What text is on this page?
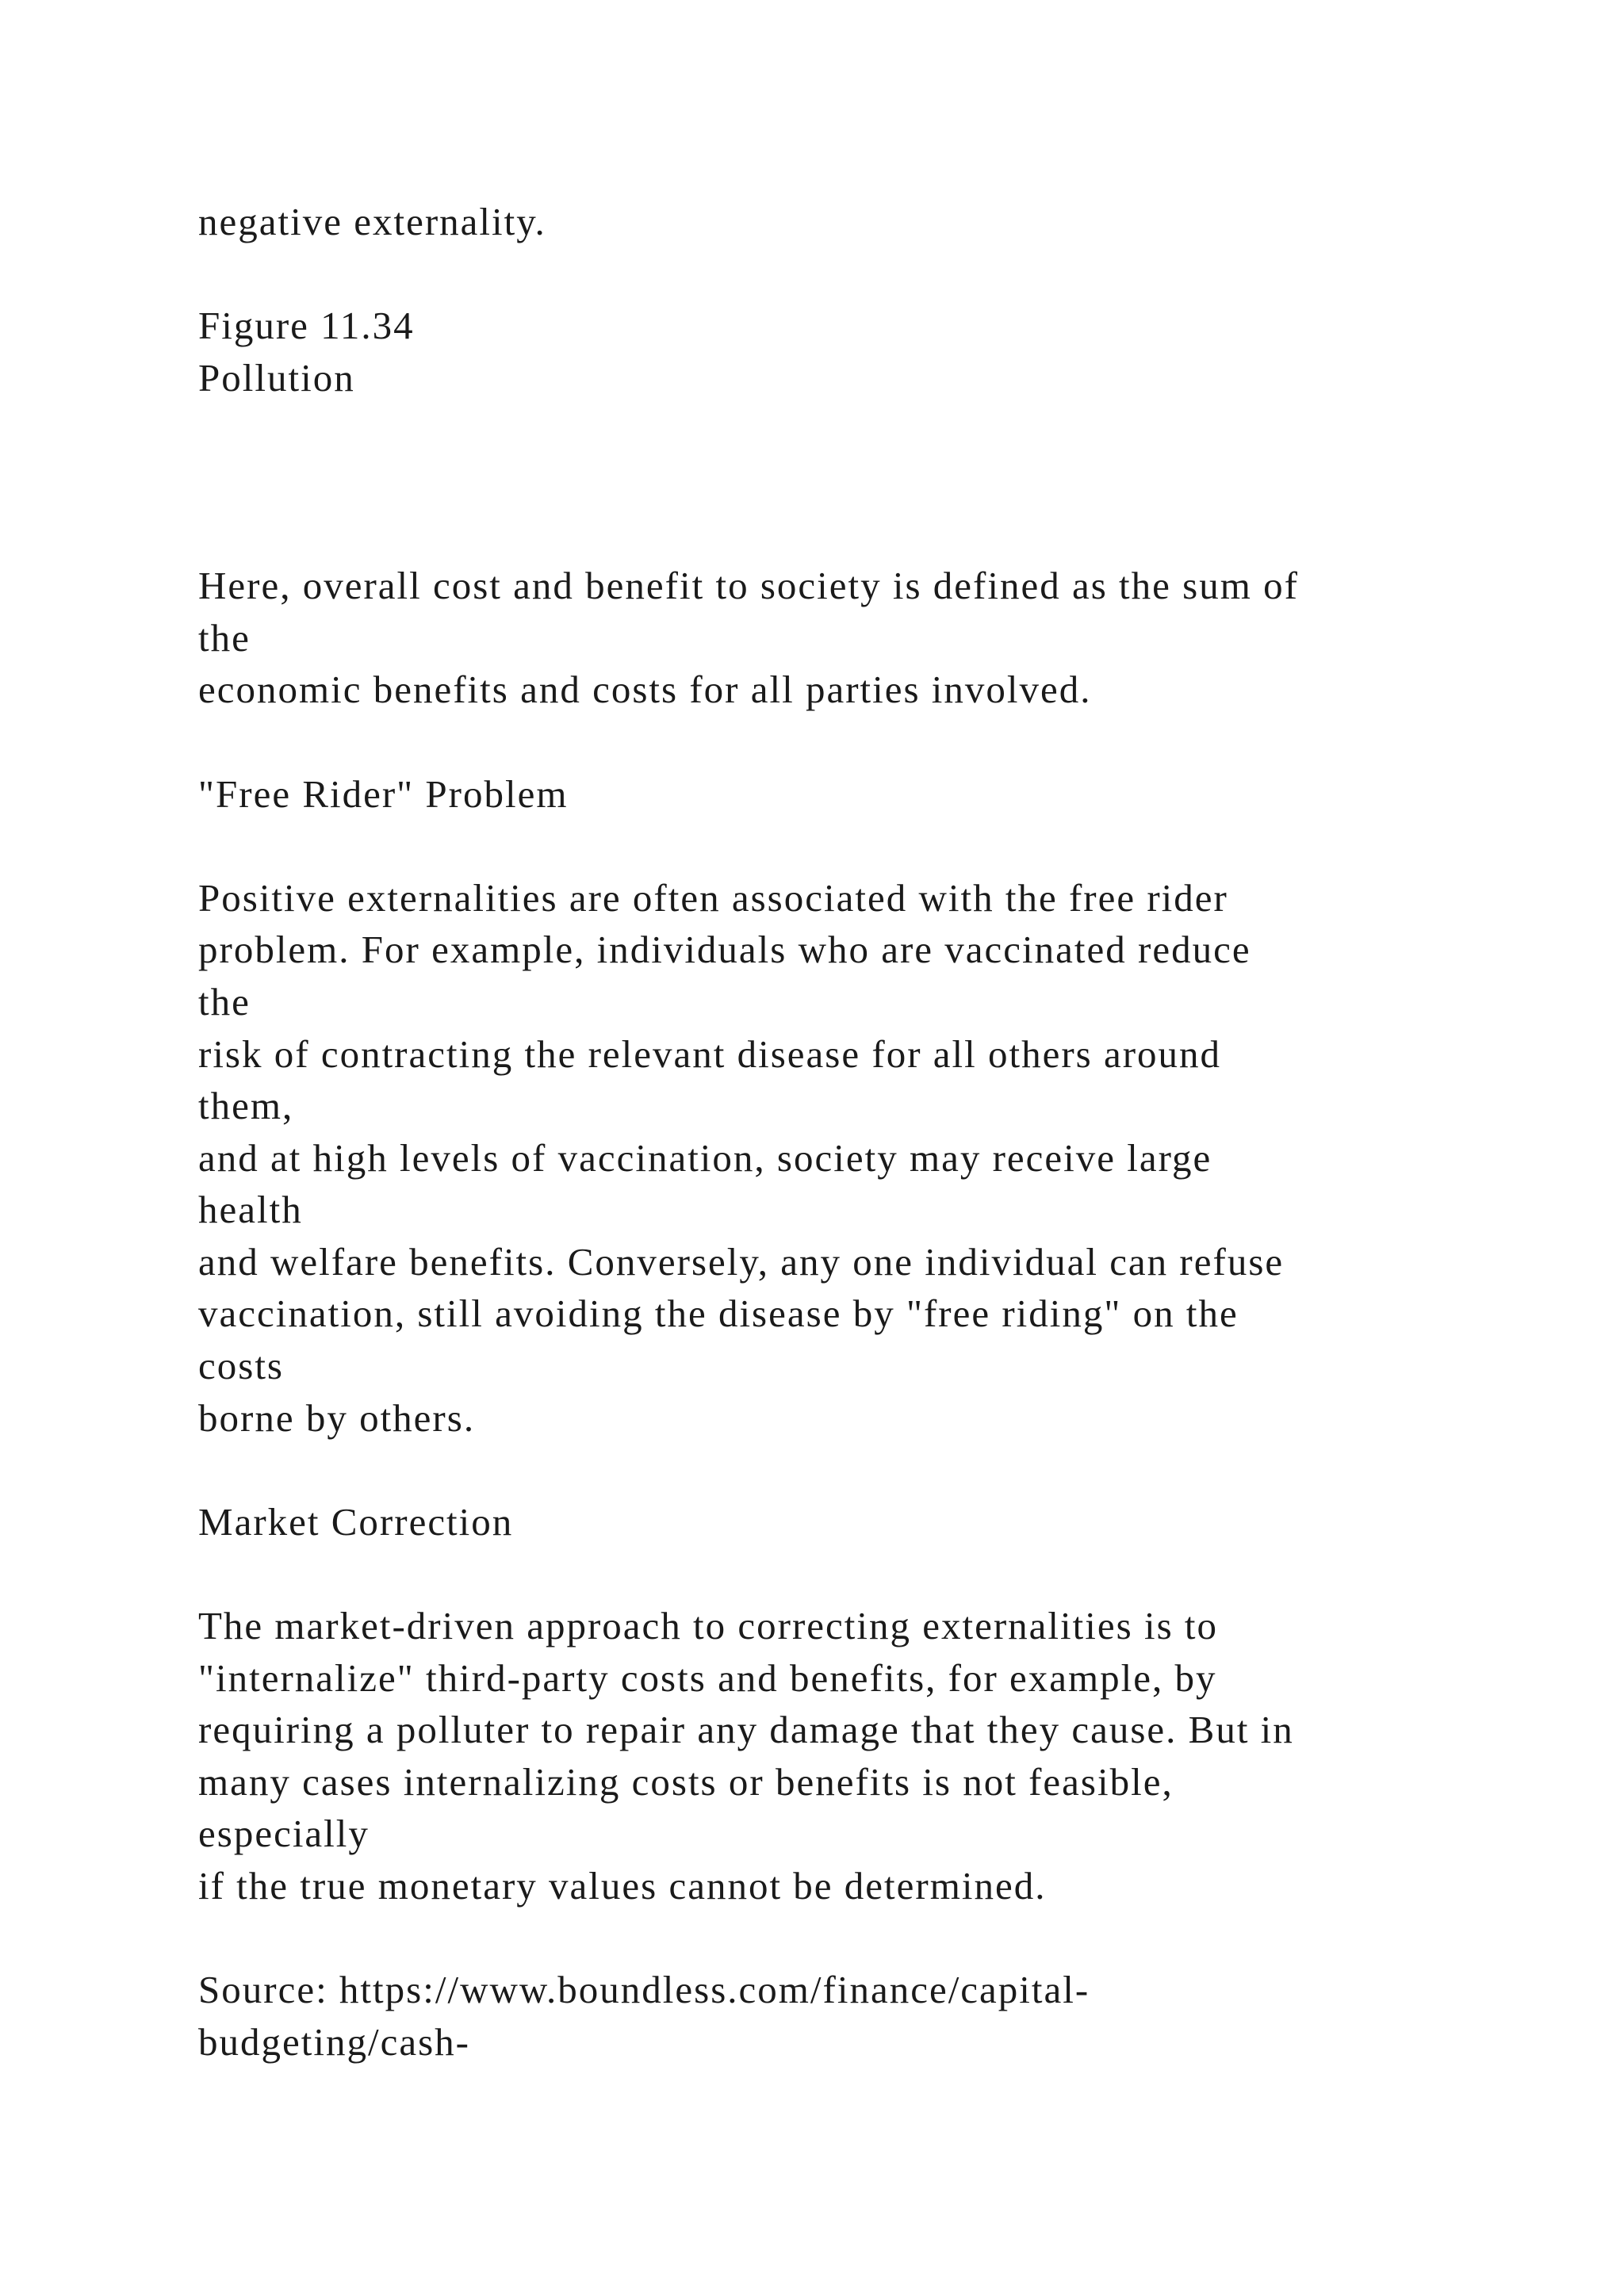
negative externality.
Figure 11.34
Pollution
Here, overall cost and benefit to society is defined as the sum of
the
economic benefits and costs for all parties involved.
"Free Rider" Problem
Positive externalities are often associated with the free rider
problem. For example, individuals who are vaccinated reduce
the
risk of contracting the relevant disease for all others around
them,
and at high levels of vaccination, society may receive large
health
and welfare benefits. Conversely, any one individual can refuse
vaccination, still avoiding the disease by "free riding" on the
costs
borne by others.
Market Correction
The market-driven approach to correcting externalities is to
"internalize" third-party costs and benefits, for example, by
requiring a polluter to repair any damage that they cause. But in
many cases internalizing costs or benefits is not feasible,
especially
if the true monetary values cannot be determined.
Source: https://www.boundless.com/finance/capital-
budgeting/cash-
